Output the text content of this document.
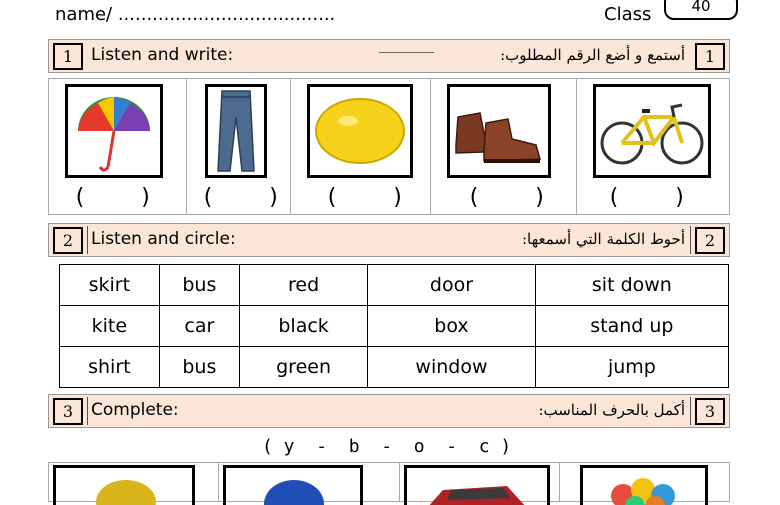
name/ ......................................	Class	40
1	Listen and write:	أستمع و أضع الرقم المطلوب:	1
(    ) (    ) (    )	(    )	(    )
2	Listen and circle:	أحوط الكلمة التي أسمعها:	2
skirt	bus	red	door	sit down
kite	car	black	box	stand up
shirt	bus	green	window	jump
3	Complete:	أكمل بالحرف المناسب:	3
( y  -  b  -  o  -  c )
